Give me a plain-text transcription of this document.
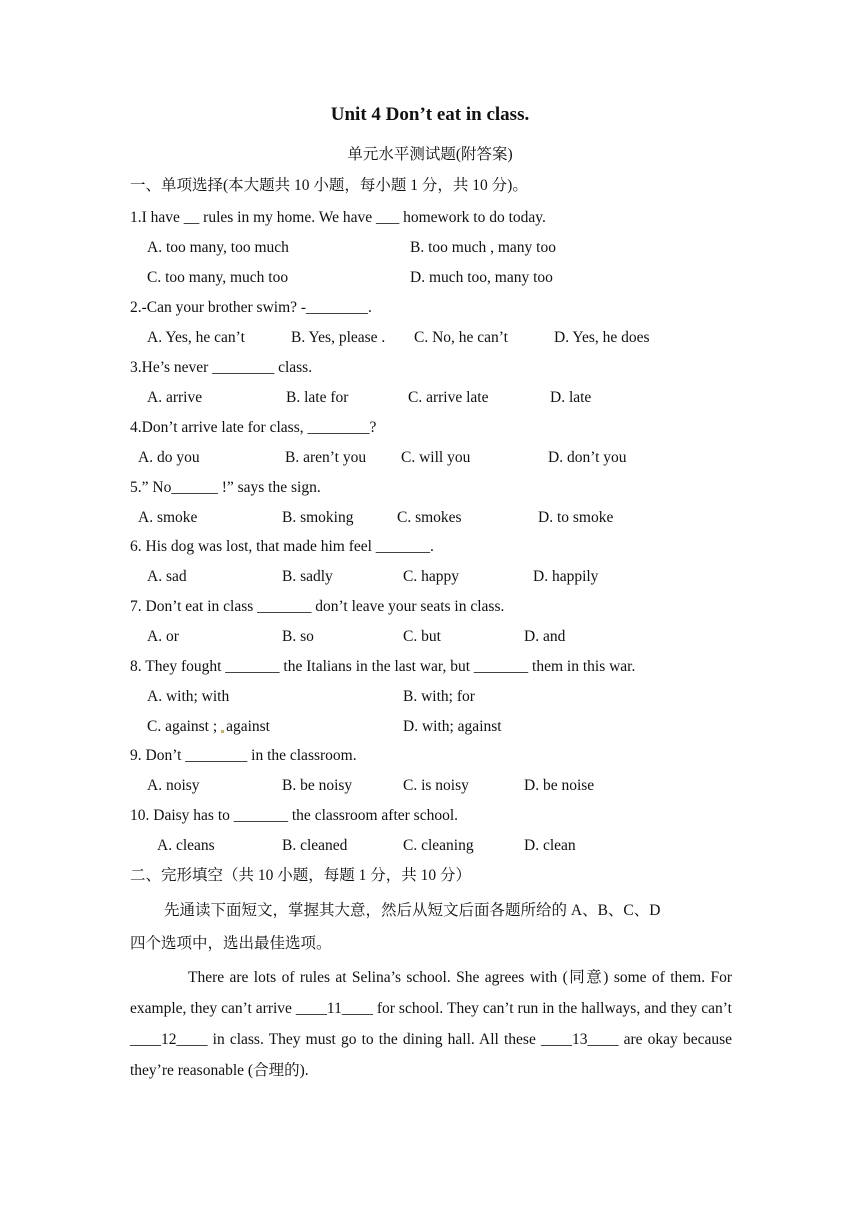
Unit 4 Don’t eat in class.
单元水平测试题(附答案)
一、单项选择(本大题共 10 小题，每小题 1 分，共 10 分)。
1.I have __ rules in my home. We have ___ homework to do today.
A. too many, too much	B. too much , many too
C. too many, much too	D. much too, many too
2.-Can your brother swim? -________.
A. Yes, he can’t	B. Yes, please . C. No, he can’t	D. Yes, he does
3.He’s never ________ class.
A. arrive	B. late for	C. arrive late	D. late
4.Don’t arrive late for class, ________?
A. do you	B. aren’t you C. will you	D. don’t you
5.” No______ !” says the sign.
A. smoke	B. smoking	C. smokes	D. to smoke
6. His dog was lost, that made him feel _______.
A. sad	B. sadly	C. happy	D. happily
7. Don’t eat in class _______ don’t leave your seats in class.
A. or	B. so	C. but	D. and
8. They fought _______ the Italians in the last war, but _______ them in this war.
A. with; with	B. with; for
C. against ; against	D. with; against
9. Don’t ________ in the classroom.
A. noisy	B. be noisy	C. is noisy	D. be noise
10. Daisy has to _______ the classroom after school.
A. cleans	B. cleaned	C. cleaning	D. clean
二、完形填空（共 10 小题，每题 1 分，共 10 分）
先通读下面短文，掌握其大意，然后从短文后面各题所给的 A、B、C、D
四个选项中，选出最佳选项。
There are lots of rules at Selina’s school. She agrees with (同意) some of them. For example, they can’t arrive ____11____ for school. They can’t run in the hallways, and they can’t ____12____ in class. They must go to the dining hall. All these ____13____ are okay because they’re reasonable (合理的).
